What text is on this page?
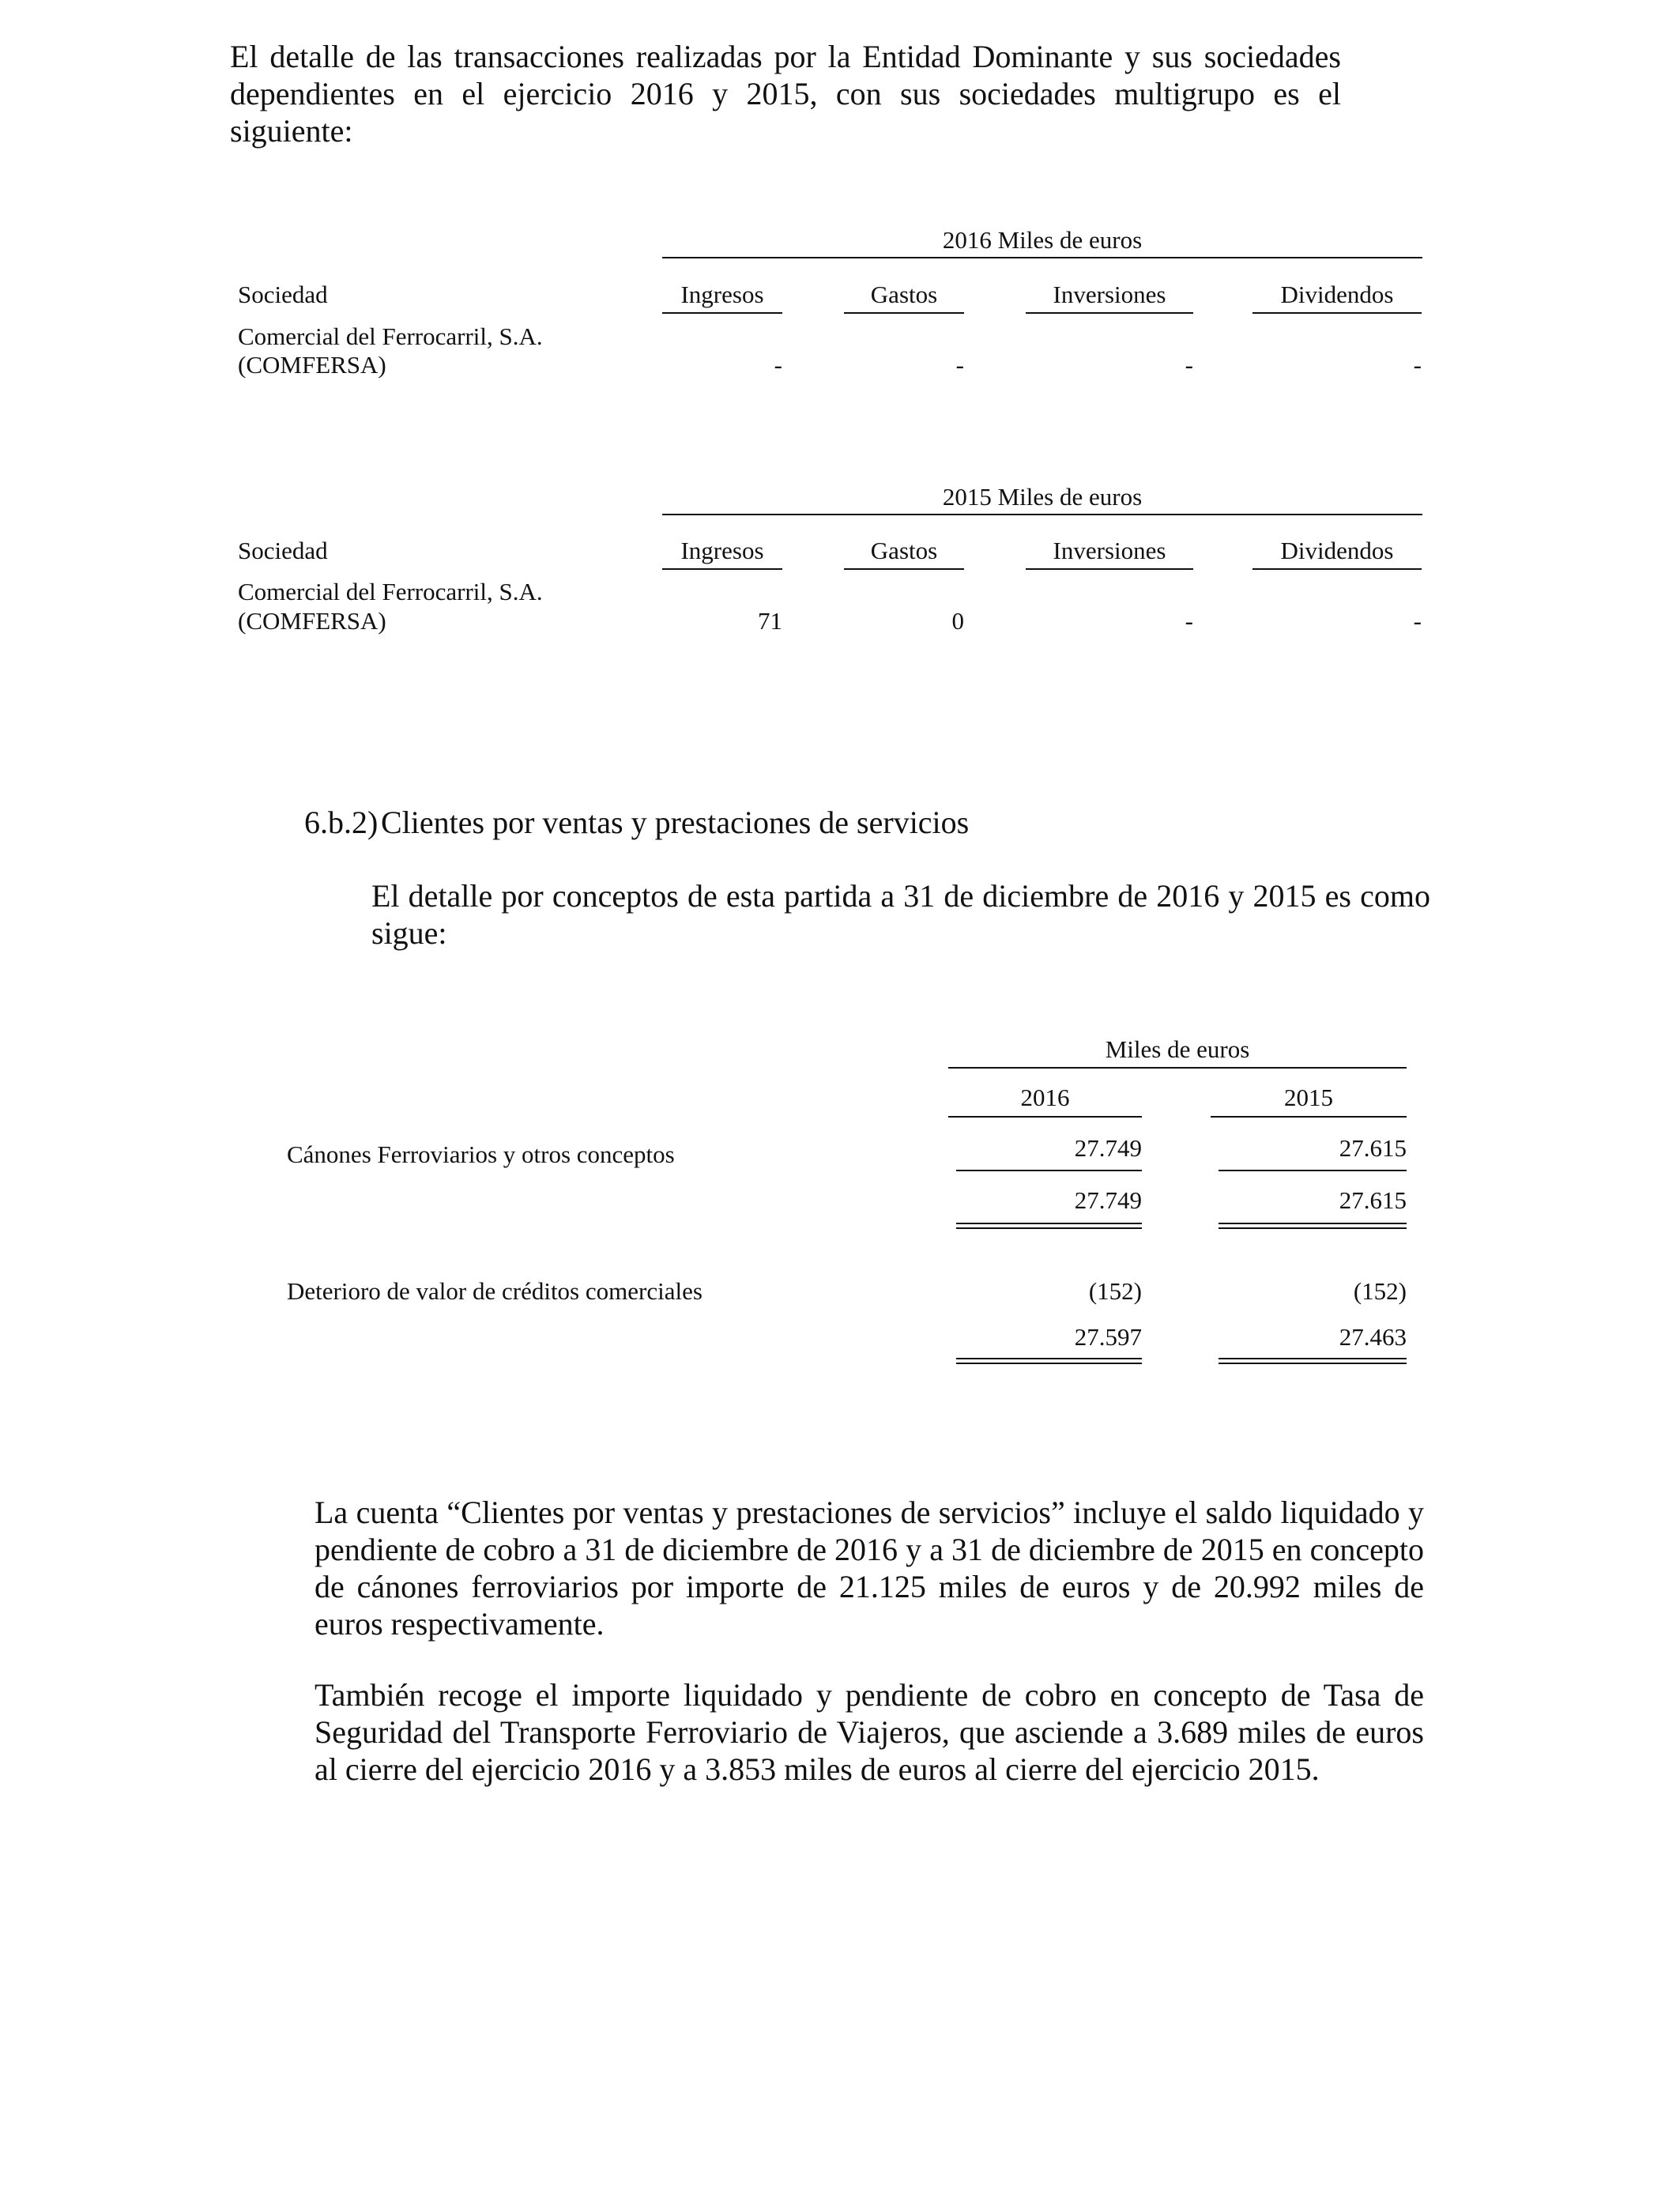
El detalle de las transacciones realizadas por la Entidad Dominante y sus sociedades dependientes en el ejercicio 2016 y 2015, con sus sociedades multigrupo es el siguiente:
2016 Miles de euros
Sociedad	Ingresos	Gastos	Inversiones	Dividendos
Comercial del Ferrocarril, S.A.
(COMFERSA)	-	-	-	-
2015 Miles de euros
Sociedad	Ingresos	Gastos	Inversiones	Dividendos
Comercial del Ferrocarril, S.A.
(COMFERSA)	71	0	-	-
6.b.2) Clientes por ventas y prestaciones de servicios
El detalle por conceptos de esta partida a 31 de diciembre de 2016 y 2015 es como sigue:
Miles de euros
2016	2015
Cánones Ferroviarios y otros conceptos	27.749	27.615
27.749	27.615
Deterioro de valor de créditos comerciales	(152)	(152)
27.597	27.463
La cuenta “Clientes por ventas y prestaciones de servicios” incluye el saldo liquidado y pendiente de cobro a 31 de diciembre de 2016 y a 31 de diciembre de 2015 en concepto de cánones ferroviarios por importe de 21.125 miles de euros y de 20.992 miles de euros respectivamente.
También recoge el importe liquidado y pendiente de cobro en concepto de Tasa de Seguridad del Transporte Ferroviario de Viajeros, que asciende a 3.689 miles de euros al cierre del ejercicio 2016 y a 3.853 miles de euros al cierre del ejercicio 2015.
